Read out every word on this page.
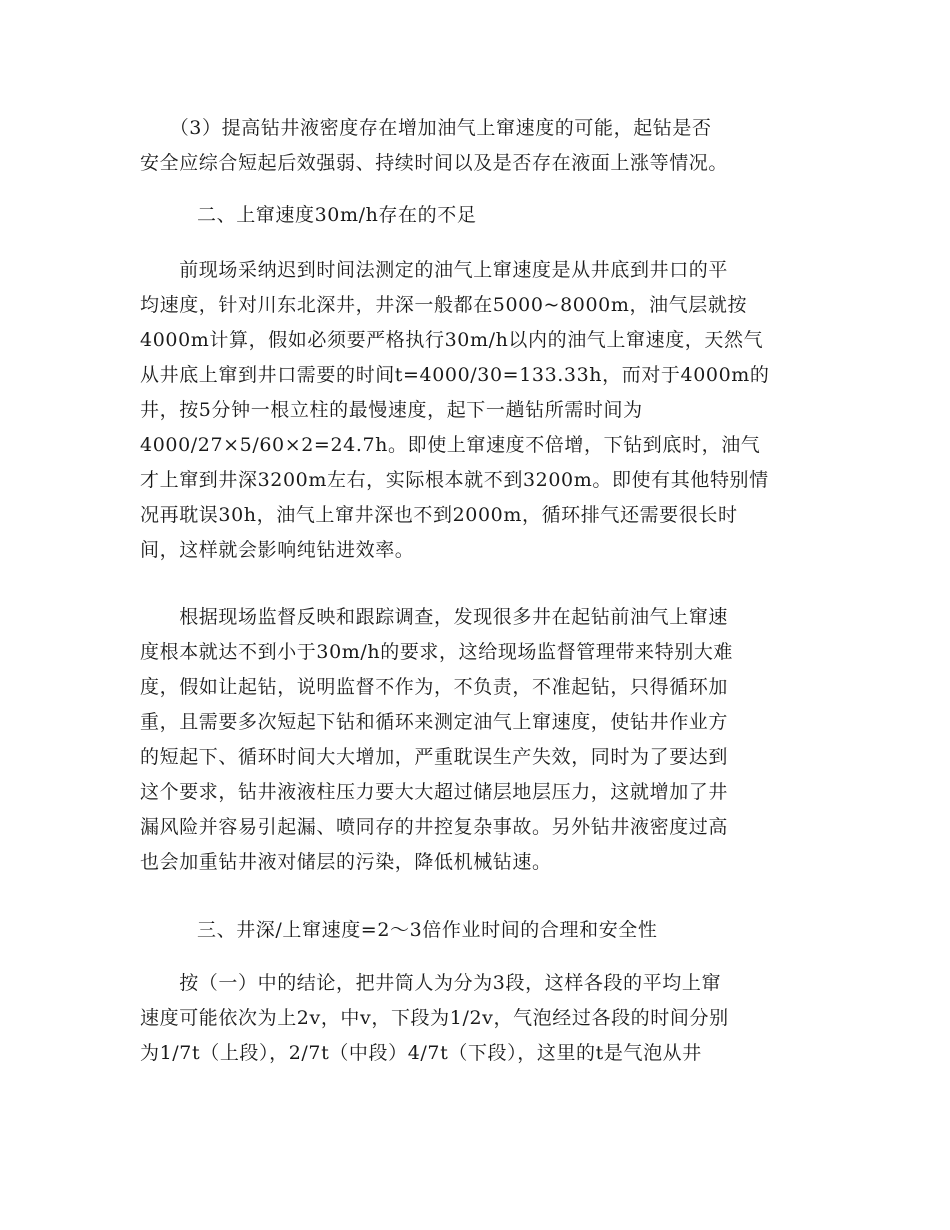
　　（3）提高钻井液密度存在增加油气上窜速度的可能，起钻是否
安全应综合短起后效强弱、持续时间以及是否存在液面上涨等情况。
二、上窜速度30m/h存在的不足
　　前现场采纳迟到时间法测定的油气上窜速度是从井底到井口的平
均速度，针对川东北深井，井深一般都在5000~8000m，油气层就按
4000m计算，假如必须要严格执行30m/h以内的油气上窜速度，天然气
从井底上窜到井口需要的时间t=4000/30=133.33h，而对于4000m的
井，按5分钟一根立柱的最慢速度，起下一趟钻所需时间为
4000/27×5/60×2=24.7h。即使上窜速度不倍增，下钻到底时，油气
才上窜到井深3200m左右，实际根本就不到3200m。即使有其他特别情
况再耽误30h，油气上窜井深也不到2000m，循环排气还需要很长时
间，这样就会影响纯钻进效率。
　　根据现场监督反映和跟踪调查，发现很多井在起钻前油气上窜速
度根本就达不到小于30m/h的要求，这给现场监督管理带来特别大难
度，假如让起钻，说明监督不作为，不负责，不准起钻，只得循环加
重，且需要多次短起下钻和循环来测定油气上窜速度，使钻井作业方
的短起下、循环时间大大增加，严重耽误生产失效，同时为了要达到
这个要求，钻井液液柱压力要大大超过储层地层压力，这就增加了井
漏风险并容易引起漏、喷同存的井控复杂事故。另外钻井液密度过高
也会加重钻井液对储层的污染，降低机械钻速。
三、井深/上窜速度=2～3倍作业时间的合理和安全性
　　按（一）中的结论，把井筒人为分为3段，这样各段的平均上窜
速度可能依次为上2v，中v，下段为1/2v，气泡经过各段的时间分别
为1/7t（上段），2/7t（中段）4/7t（下段），这里的t是气泡从井
